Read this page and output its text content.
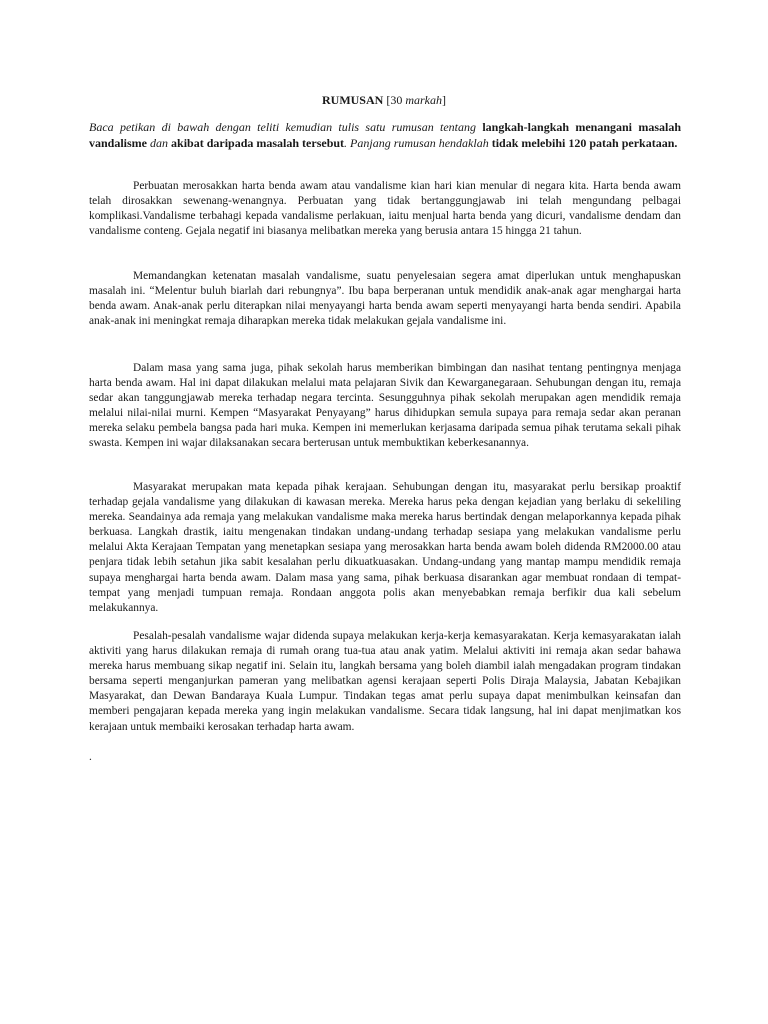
RUMUSAN [30 markah]
Baca petikan di bawah dengan teliti kemudian tulis satu rumusan tentang langkah-langkah menangani masalah vandalisme dan akibat daripada masalah tersebut. Panjang rumusan hendaklah tidak melebihi 120 patah perkataan.

Perbuatan merosakkan harta benda awam atau vandalisme kian hari kian menular di negara kita. Harta benda awam telah dirosakkan sewenang-wenangnya. Perbuatan yang tidak bertanggungjawab ini telah mengundang pelbagai komplikasi.Vandalisme terbahagi kepada vandalisme perlakuan, iaitu menjual harta benda yang dicuri, vandalisme dendam dan vandalisme conteng. Gejala negatif ini biasanya melibatkan mereka yang berusia antara 15 hingga 21 tahun.

Memandangkan ketenatan masalah vandalisme, suatu penyelesaian segera amat diperlukan untuk menghapuskan masalah ini. “Melentur buluh biarlah dari rebungnya”. Ibu bapa berperanan untuk mendidik anak-anak agar menghargai harta benda awam. Anak-anak perlu diterapkan nilai menyayangi harta benda awam seperti menyayangi harta benda sendiri. Apabila anak-anak ini meningkat remaja diharapkan mereka tidak melakukan gejala vandalisme ini.

Dalam masa yang sama juga, pihak sekolah harus memberikan bimbingan dan nasihat tentang pentingnya menjaga harta benda awam. Hal ini dapat dilakukan melalui mata pelajaran Sivik dan Kewarganegaraan. Sehubungan dengan itu, remaja sedar akan tanggungjawab mereka terhadap negara tercinta. Sesungguhnya pihak sekolah merupakan agen mendidik remaja melalui nilai-nilai murni. Kempen “Masyarakat Penyayang” harus dihidupkan semula supaya para remaja sedar akan peranan mereka selaku pembela bangsa pada hari muka. Kempen ini memerlukan kerjasama daripada semua pihak terutama sekali pihak swasta. Kempen ini wajar dilaksanakan secara berterusan untuk membuktikan keberkesanannya.

Masyarakat merupakan mata kepada pihak kerajaan. Sehubungan dengan itu, masyarakat perlu bersikap proaktif terhadap gejala vandalisme yang dilakukan di kawasan mereka. Mereka harus peka dengan kejadian yang berlaku di sekeliling mereka. Seandainya ada remaja yang melakukan vandalisme maka mereka harus bertindak dengan melaporkannya kepada pihak berkuasa. Langkah drastik, iaitu mengenakan tindakan undang-undang terhadap sesiapa yang melakukan vandalisme perlu melalui Akta Kerajaan Tempatan yang menetapkan sesiapa yang merosakkan harta benda awam boleh didenda RM2000.00 atau penjara tidak lebih setahun jika sabit kesalahan perlu dikuatkuasakan. Undang-undang yang mantap mampu mendidik remaja supaya menghargai harta benda awam. Dalam masa yang sama, pihak berkuasa disarankan agar membuat rondaan di tempat-tempat yang menjadi tumpuan remaja. Rondaan anggota polis akan menyebabkan remaja berfikir dua kali sebelum melakukannya.

Pesalah-pesalah vandalisme wajar didenda supaya melakukan kerja-kerja kemasyarakatan. Kerja kemasyarakatan ialah aktiviti yang harus dilakukan remaja di rumah orang tua-tua atau anak yatim. Melalui aktiviti ini remaja akan sedar bahawa mereka harus membuang sikap negatif ini. Selain itu, langkah bersama yang boleh diambil ialah mengadakan program tindakan bersama seperti menganjurkan pameran yang melibatkan agensi kerajaan seperti Polis Diraja Malaysia, Jabatan Kebajikan Masyarakat, dan Dewan Bandaraya Kuala Lumpur. Tindakan tegas amat perlu supaya dapat menimbulkan keinsafan dan memberi pengajaran kepada mereka yang ingin melakukan vandalisme. Secara tidak langsung, hal ini dapat menjimatkan kos kerajaan untuk membaiki kerosakan terhadap harta awam.

.
